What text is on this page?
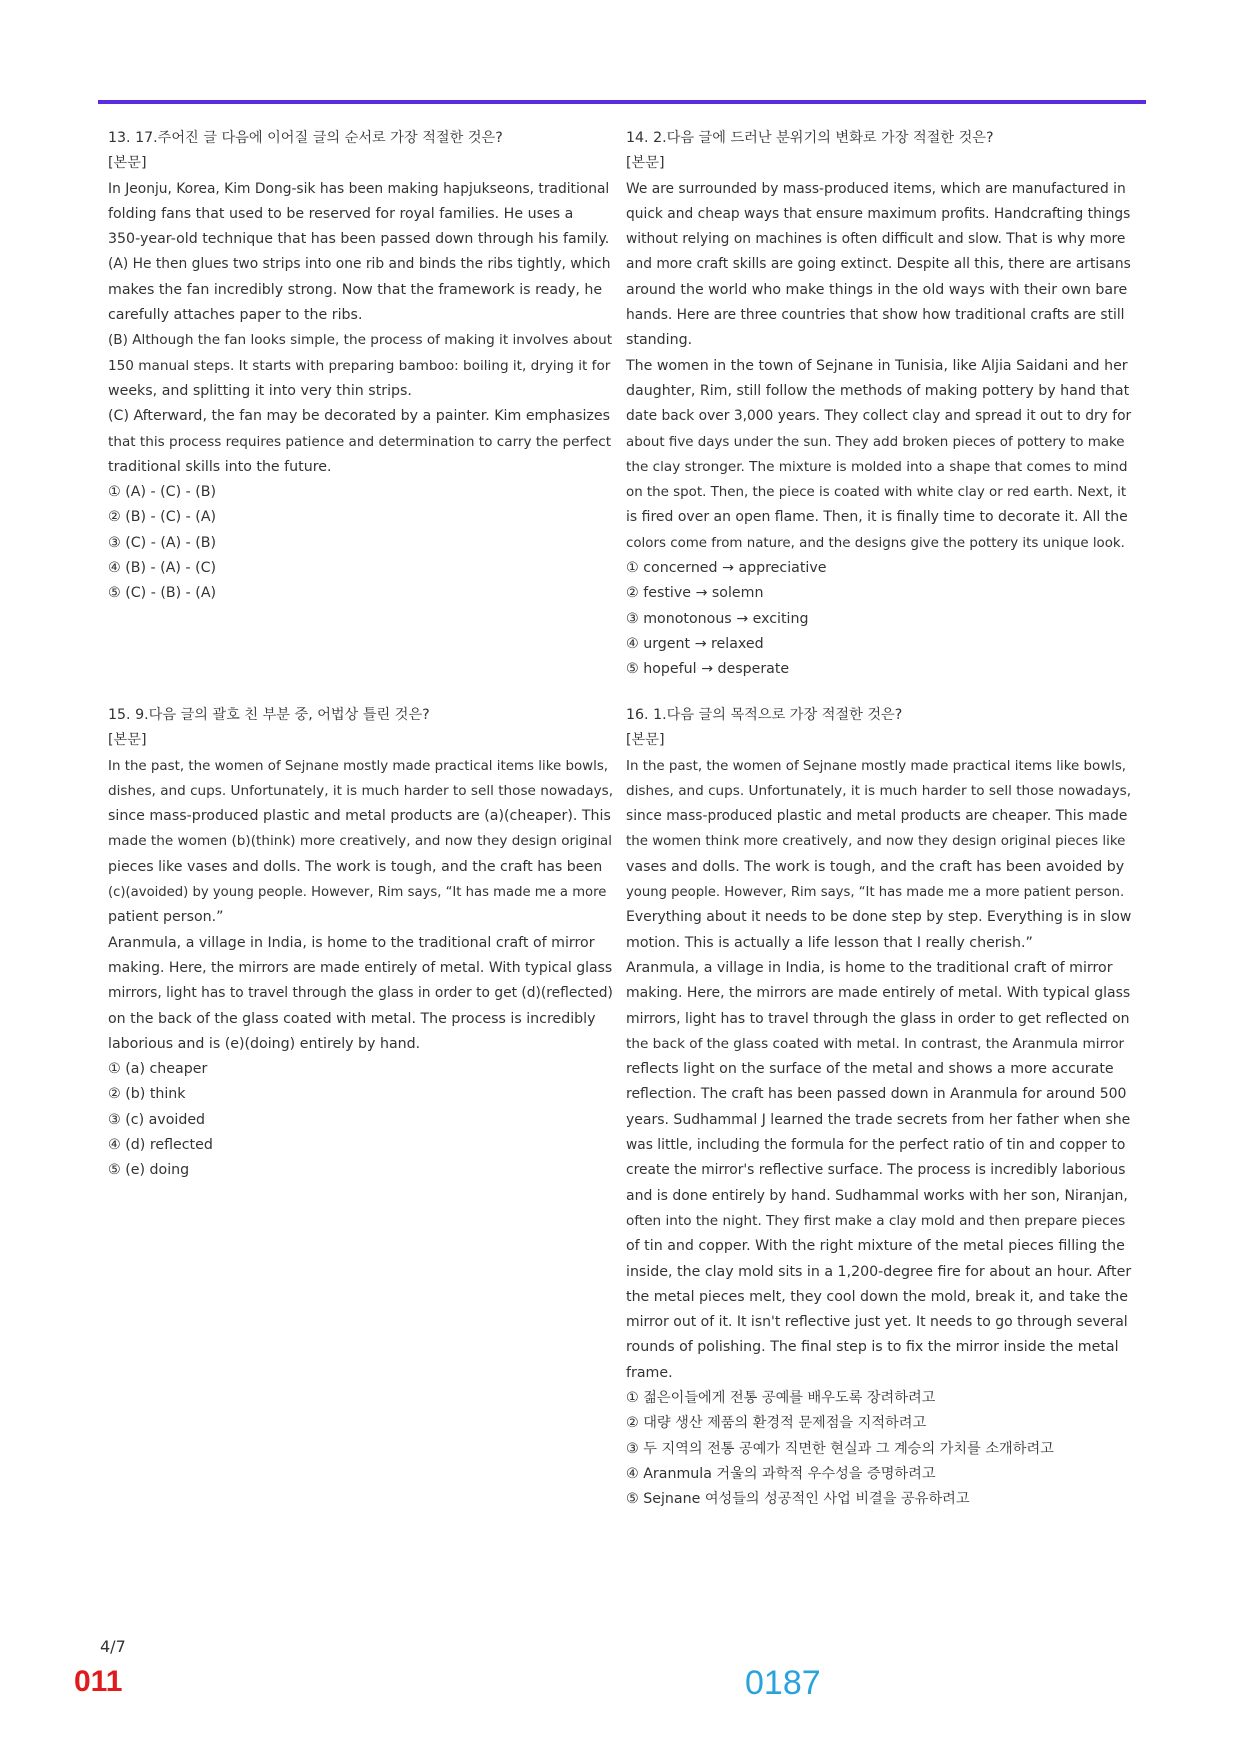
13. 17.주어진 글 다음에 이어질 글의 순서로 가장 적절한 것은?
[본문]
In Jeonju, Korea, Kim Dong-sik has been making hapjukseons, traditional
folding fans that used to be reserved for royal families. He uses a
350-year-old technique that has been passed down through his family.
(A) He then glues two strips into one rib and binds the ribs tightly, which
makes the fan incredibly strong. Now that the framework is ready, he
carefully attaches paper to the ribs.
(B) Although the fan looks simple, the process of making it involves about
150 manual steps. It starts with preparing bamboo: boiling it, drying it for
weeks, and splitting it into very thin strips.
(C) Afterward, the fan may be decorated by a painter. Kim emphasizes
that this process requires patience and determination to carry the perfect
traditional skills into the future.
① (A) - (C) - (B)
② (B) - (C) - (A)
③ (C) - (A) - (B)
④ (B) - (A) - (C)
⑤ (C) - (B) - (A)
14. 2.다음 글에 드러난 분위기의 변화로 가장 적절한 것은?
[본문]
We are surrounded by mass-produced items, which are manufactured in
quick and cheap ways that ensure maximum profits. Handcrafting things
without relying on machines is often difficult and slow. That is why more
and more craft skills are going extinct. Despite all this, there are artisans
around the world who make things in the old ways with their own bare
hands. Here are three countries that show how traditional crafts are still
standing.
The women in the town of Sejnane in Tunisia, like Aljia Saidani and her
daughter, Rim, still follow the methods of making pottery by hand that
date back over 3,000 years. They collect clay and spread it out to dry for
about five days under the sun. They add broken pieces of pottery to make
the clay stronger. The mixture is molded into a shape that comes to mind
on the spot. Then, the piece is coated with white clay or red earth. Next, it
is fired over an open flame. Then, it is finally time to decorate it. All the
colors come from nature, and the designs give the pottery its unique look.
① concerned → appreciative
② festive → solemn
③ monotonous → exciting
④ urgent → relaxed
⑤ hopeful → desperate
15. 9.다음 글의 괄호 친 부분 중, 어법상 틀린 것은?
[본문]
In the past, the women of Sejnane mostly made practical items like bowls,
dishes, and cups. Unfortunately, it is much harder to sell those nowadays,
since mass-produced plastic and metal products are (a)(cheaper). This
made the women (b)(think) more creatively, and now they design original
pieces like vases and dolls. The work is tough, and the craft has been
(c)(avoided) by young people. However, Rim says, “It has made me a more
patient person.”
Aranmula, a village in India, is home to the traditional craft of mirror
making. Here, the mirrors are made entirely of metal. With typical glass
mirrors, light has to travel through the glass in order to get (d)(reflected)
on the back of the glass coated with metal. The process is incredibly
laborious and is (e)(doing) entirely by hand.
① (a) cheaper
② (b) think
③ (c) avoided
④ (d) reflected
⑤ (e) doing
16. 1.다음 글의 목적으로 가장 적절한 것은?
[본문]
In the past, the women of Sejnane mostly made practical items like bowls,
dishes, and cups. Unfortunately, it is much harder to sell those nowadays,
since mass-produced plastic and metal products are cheaper. This made
the women think more creatively, and now they design original pieces like
vases and dolls. The work is tough, and the craft has been avoided by
young people. However, Rim says, “It has made me a more patient person.
Everything about it needs to be done step by step. Everything is in slow
motion. This is actually a life lesson that I really cherish.”
Aranmula, a village in India, is home to the traditional craft of mirror
making. Here, the mirrors are made entirely of metal. With typical glass
mirrors, light has to travel through the glass in order to get reflected on
the back of the glass coated with metal. In contrast, the Aranmula mirror
reflects light on the surface of the metal and shows a more accurate
reflection. The craft has been passed down in Aranmula for around 500
years. Sudhammal J learned the trade secrets from her father when she
was little, including the formula for the perfect ratio of tin and copper to
create the mirror's reflective surface. The process is incredibly laborious
and is done entirely by hand. Sudhammal works with her son, Niranjan,
often into the night. They first make a clay mold and then prepare pieces
of tin and copper. With the right mixture of the metal pieces filling the
inside, the clay mold sits in a 1,200-degree fire for about an hour. After
the metal pieces melt, they cool down the mold, break it, and take the
mirror out of it. It isn't reflective just yet. It needs to go through several
rounds of polishing. The final step is to fix the mirror inside the metal
frame.
① 젊은이들에게 전통 공예를 배우도록 장려하려고
② 대량 생산 제품의 환경적 문제점을 지적하려고
③ 두 지역의 전통 공예가 직면한 현실과 그 계승의 가치를 소개하려고
④ Aranmula 거울의 과학적 우수성을 증명하려고
⑤ Sejnane 여성들의 성공적인 사업 비결을 공유하려고
4/7
011	0187
